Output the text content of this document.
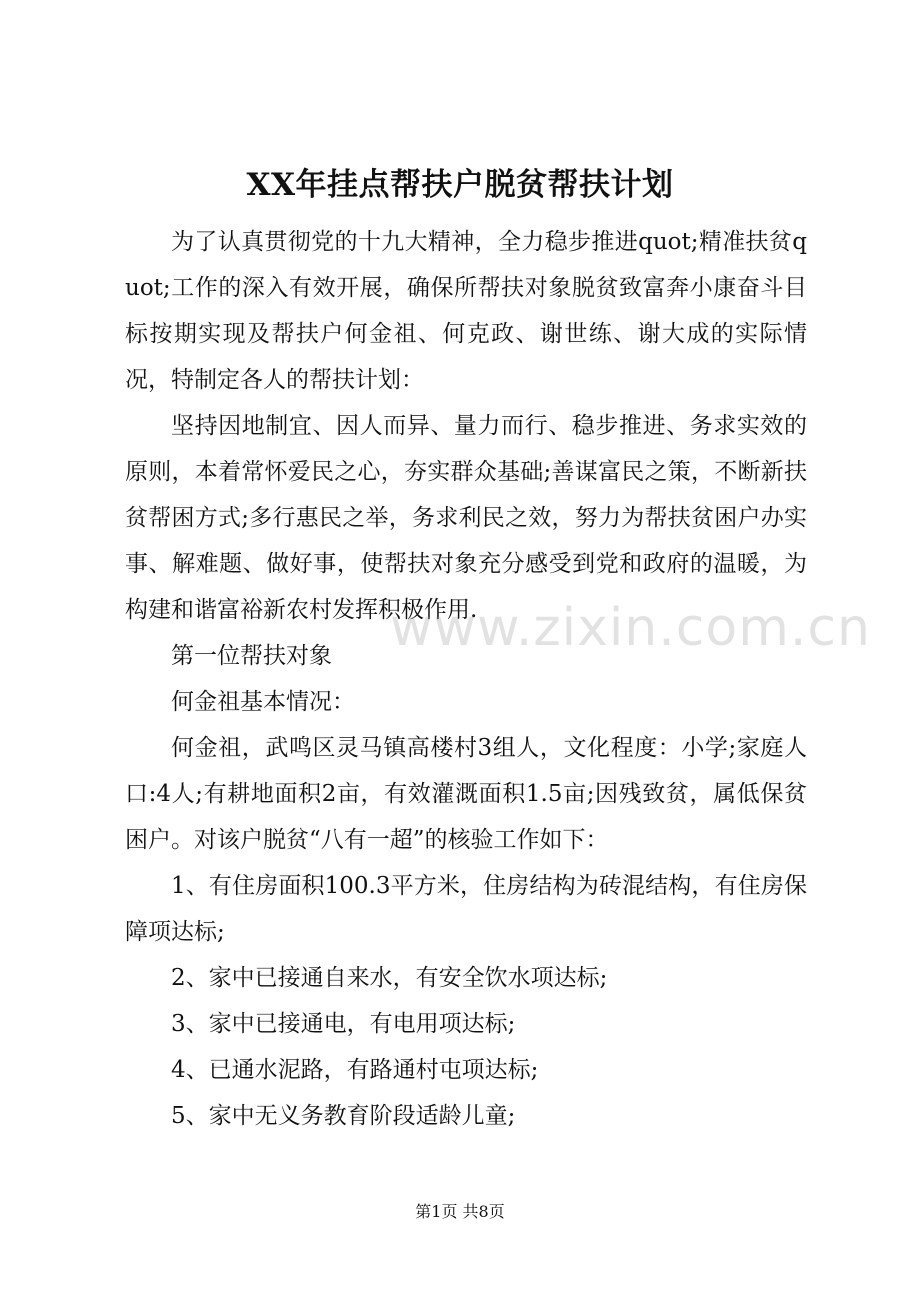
XX年挂点帮扶户脱贫帮扶计划

为了认真贯彻党的十九大精神，全力稳步推进quot;精准扶贫quot;工作的深入有效开展，确保所帮扶对象脱贫致富奔小康奋斗目标按期实现及帮扶户何金祖、何克政、谢世练、谢大成的实际情况，特制定各人的帮扶计划：

坚持因地制宜、因人而异、量力而行、稳步推进、务求实效的原则，本着常怀爱民之心，夯实群众基础;善谋富民之策，不断新扶贫帮困方式;多行惠民之举，务求利民之效，努力为帮扶贫困户办实事、解难题、做好事，使帮扶对象充分感受到党和政府的温暖，为构建和谐富裕新农村发挥积极作用.

第一位帮扶对象

何金祖基本情况：

何金祖，武鸣区灵马镇高楼村3组人，文化程度：小学;家庭人口:4人;有耕地面积2亩，有效灌溉面积1.5亩;因残致贫，属低保贫困户。对该户脱贫“八有一超”的核验工作如下：

1、有住房面积100.3平方米，住房结构为砖混结构，有住房保障项达标;

2、家中已接通自来水，有安全饮水项达标;

3、家中已接通电，有电用项达标;

4、已通水泥路，有路通村屯项达标;

5、家中无义务教育阶段适龄儿童;

www.zixin.com.cn
第1页 共8页
